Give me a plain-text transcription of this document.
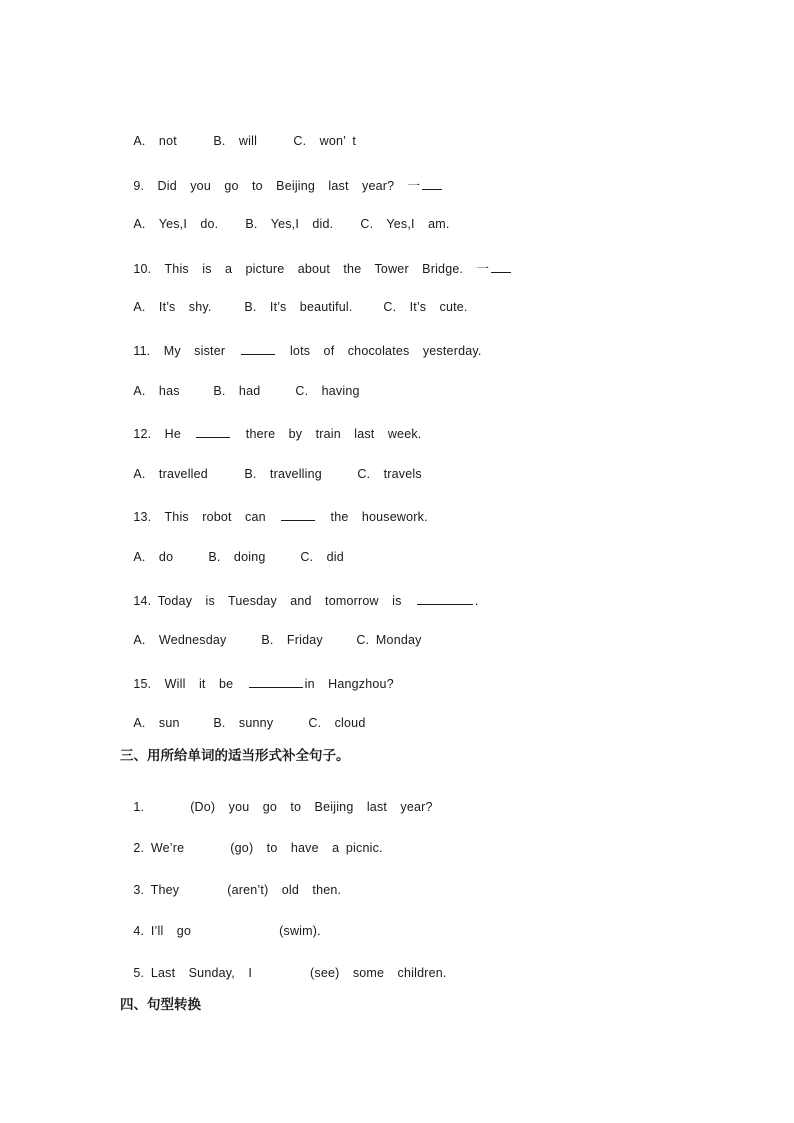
A.  not	B.  will	C.  won’ t

9.  Did  you  go  to  Beijing  last  year?  一

A.  Yes,I  do. B.  Yes,I  did. C.  Yes,I  am.

10.  This  is  a  picture  about  the  Tower  Bridge.  一

A.  It’s  shy.	B.  It’s  beautiful. C.  It’s  cute.

11.  My  sister	lots  of  chocolates  yesterday.

A.  has	B.  had	C.  having

12.  He	there  by  train  last  week.

A.  travelled	B.  travelling	C.  travels

13.  This  robot  can	the  housework.

A.  do	B.  doing	C.  did

14. Today  is  Tuesday  and  tomorrow  is	.

A.  Wednesday	B.  Friday	C. Monday

15.  Will  it  be	in  Hangzhou?

A.  sun	B.  sunny	C.  cloud

三、用所给单词的适当形式补全句子。

1.	(Do)  you  go  to  Beijing  last  year?

2. We’re	(go)  to  have  a picnic.

3. They	(aren’t)  old  then.

4. I’ll  go	(swim).

5. Last  Sunday,  I	(see)  some  children.

四、句型转换
